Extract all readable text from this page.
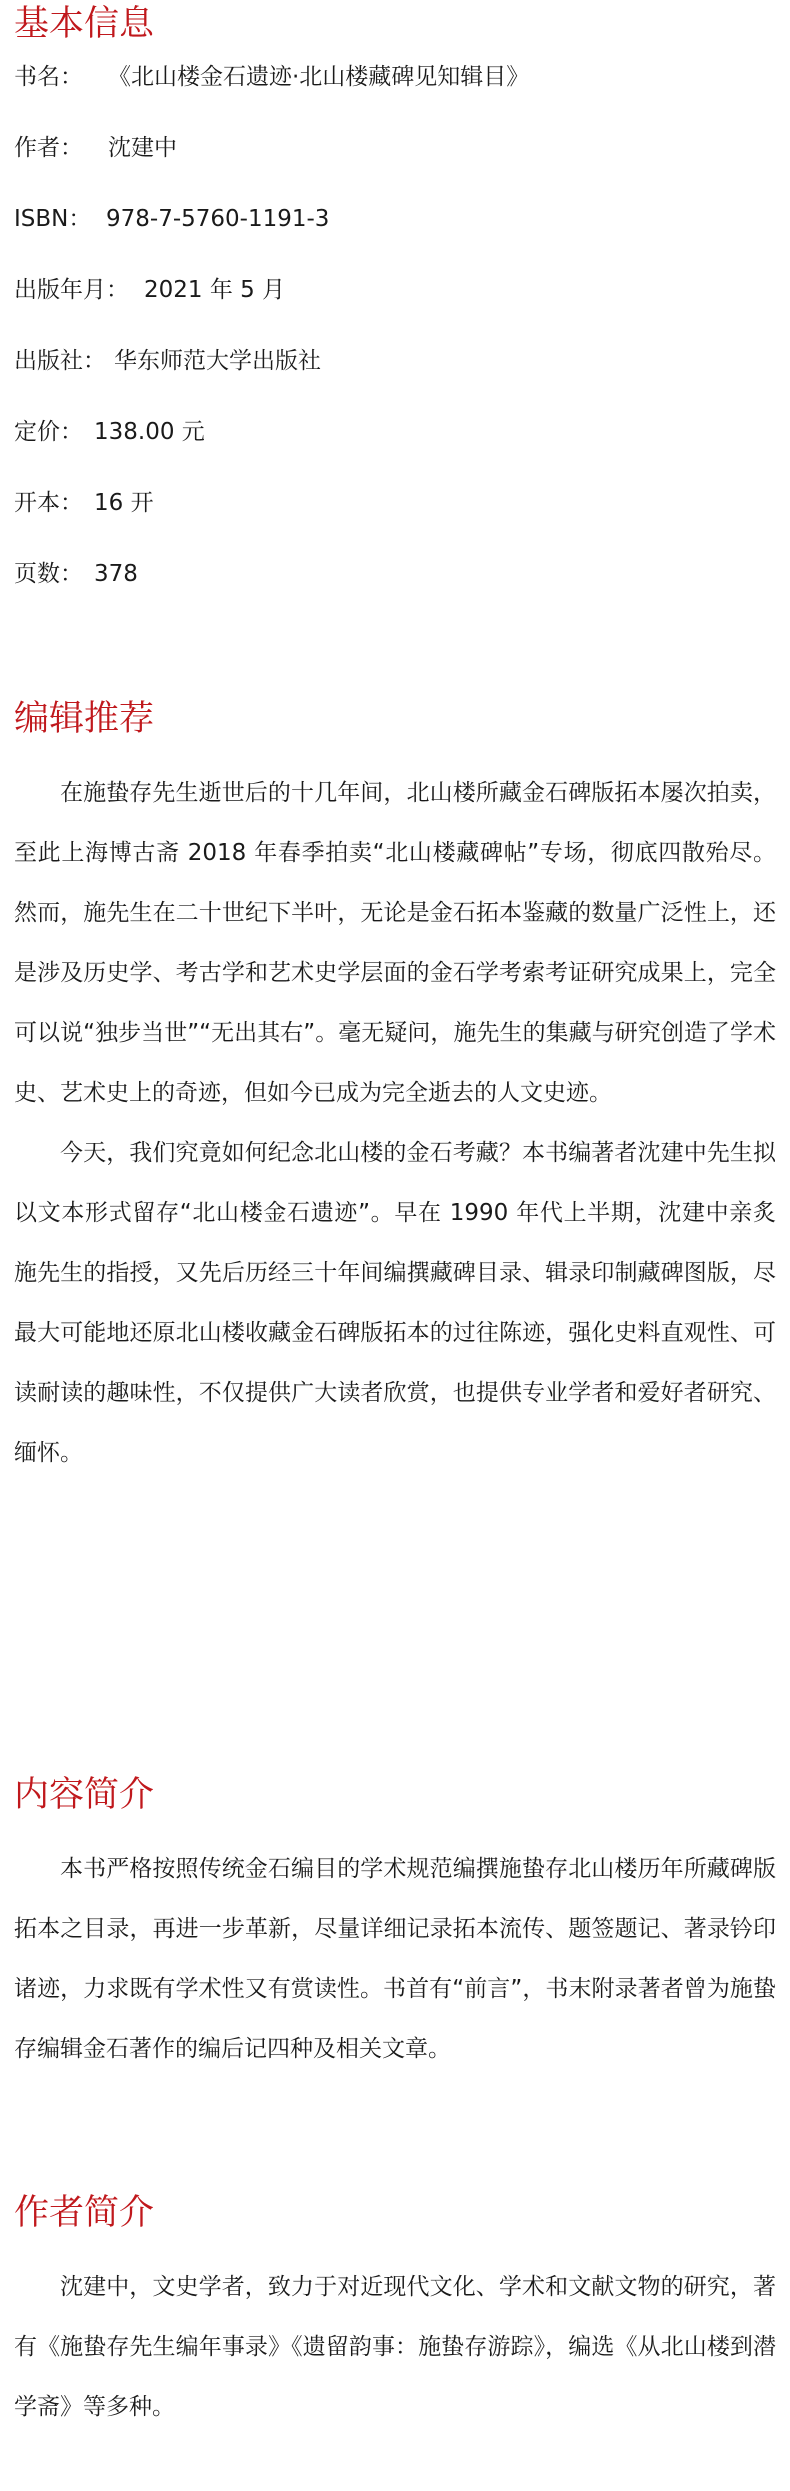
基本信息
书名：	《北山楼金石遗迹·北山楼藏碑见知辑目》
作者：	沈建中
ISBN： 978-7-5760-1191-3
出版年月： 2021 年 5 月
出版社： 华东师范大学出版社
定价： 138.00 元
开本： 16 开
页数： 378
编辑推荐

在施蛰存先生逝世后的十几年间，北山楼所藏金石碑版拓本屡次拍卖，至此上海博古斋 2018 年春季拍卖“北山楼藏碑帖”专场，彻底四散殆尽。然而，施先生在二十世纪下半叶，无论是金石拓本鉴藏的数量广泛性上，还是涉及历史学、考古学和艺术史学层面的金石学考索考证研究成果上，完全可以说“独步当世”“无出其右”。毫无疑问，施先生的集藏与研究创造了学术史、艺术史上的奇迹，但如今已成为完全逝去的人文史迹。

今天，我们究竟如何纪念北山楼的金石考藏？本书编著者沈建中先生拟以文本形式留存“北山楼金石遗迹”。早在 1990 年代上半期，沈建中亲炙施先生的指授，又先后历经三十年间编撰藏碑目录、辑录印制藏碑图版，尽最大可能地还原北山楼收藏金石碑版拓本的过往陈迹，强化史料直观性、可读耐读的趣味性，不仅提供广大读者欣赏，也提供专业学者和爱好者研究、缅怀。

内容简介

本书严格按照传统金石编目的学术规范编撰施蛰存北山楼历年所藏碑版拓本之目录，再进一步革新，尽量详细记录拓本流传、题签题记、著录钤印诸迹，力求既有学术性又有赏读性。书首有“前言”，书末附录著者曾为施蛰存编辑金石著作的编后记四种及相关文章。

作者简介

沈建中，文史学者，致力于对近现代文化、学术和文献文物的研究，著有《施蛰存先生编年事录》《遗留韵事：施蛰存游踪》，编选《从北山楼到潜学斋》等多种。
